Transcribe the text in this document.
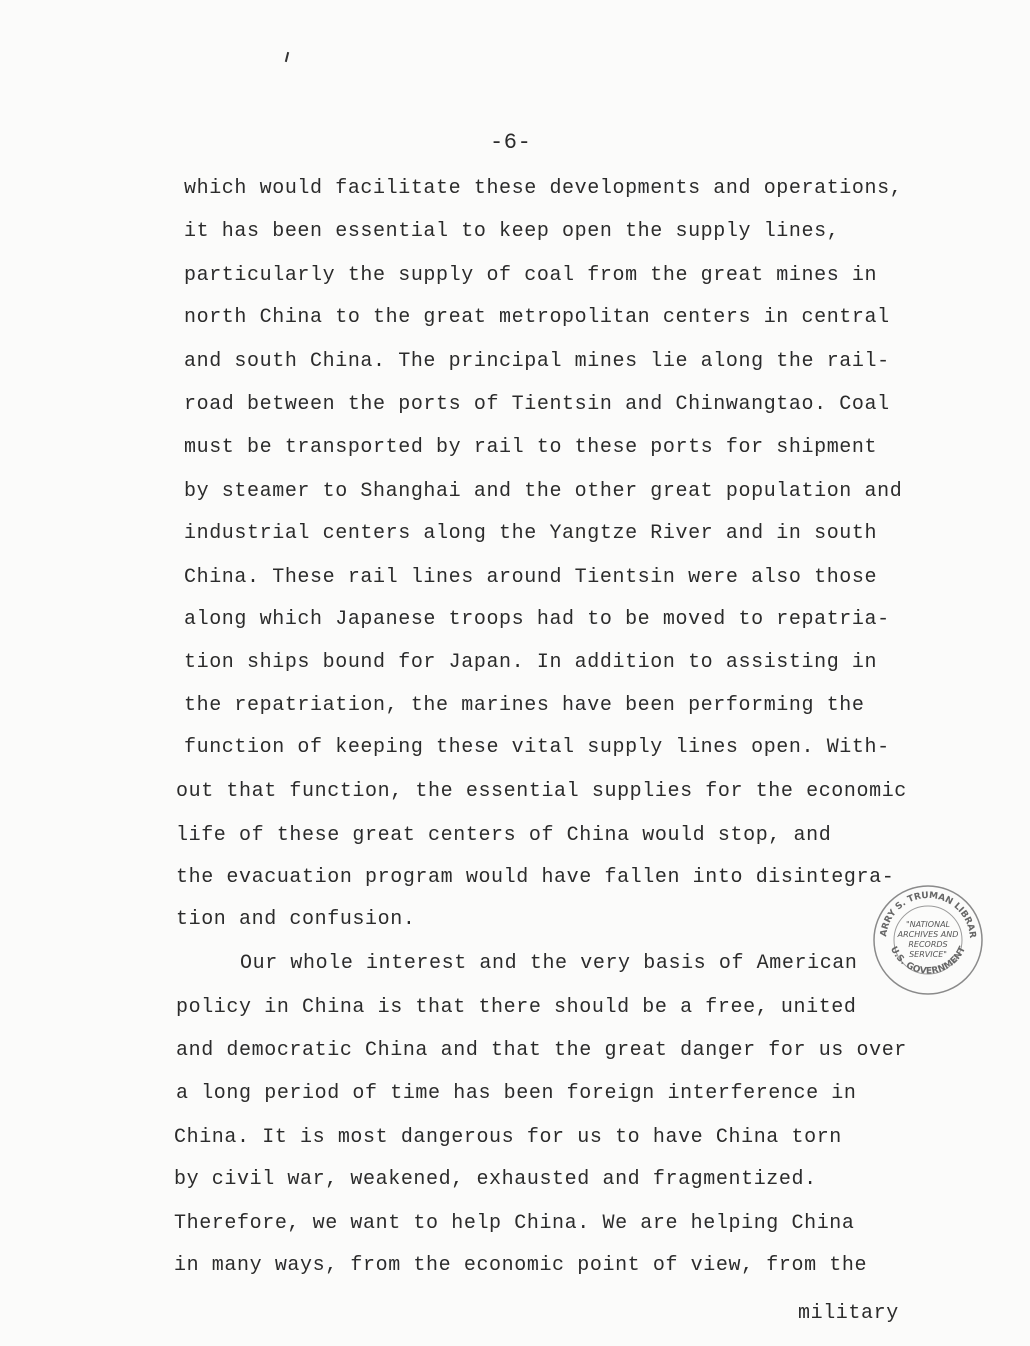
-6-
which would facilitate these developments and operations,
it has been essential to keep open the supply lines,
particularly the supply of coal from the great mines in
north China to the great metropolitan centers in central
and south China. The principal mines lie along the rail-
road between the ports of Tientsin and Chinwangtao. Coal
must be transported by rail to these ports for shipment
by steamer to Shanghai and the other great population and
industrial centers along the Yangtze River and in south
China. These rail lines around Tientsin were also those
along which Japanese troops had to be moved to repatria-
tion ships bound for Japan. In addition to assisting in
the repatriation, the marines have been performing the
function of keeping these vital supply lines open. With-
out that function, the essential supplies for the economic
life of these great centers of China would stop, and
the evacuation program would have fallen into disintegra-
tion and confusion.
Our whole interest and the very basis of American
policy in China is that there should be a free, united
and democratic China and that the great danger for us over
a long period of time has been foreign interference in
China. It is most dangerous for us to have China torn
by civil war, weakened, exhausted and fragmentized.
Therefore, we want to help China. We are helping China
in many ways, from the economic point of view, from the
military
ARRY S. TRUMAN LIBRAR
U.S. GOVERNMENT
"NATIONAL
ARCHIVES AND
RECORDS
SERVICE"
